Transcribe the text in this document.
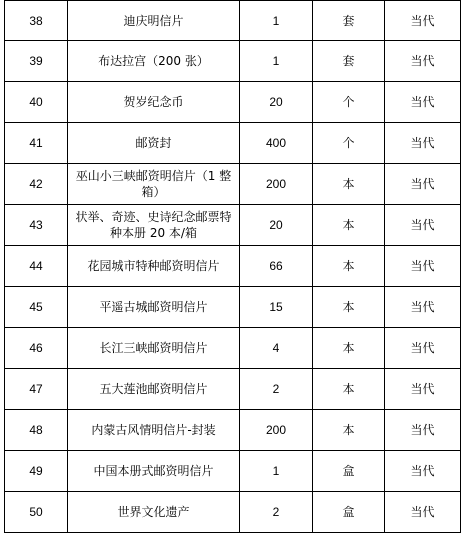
38	迪庆明信片	1	套	当代
39	布达拉宫（200 张）	1	套	当代
40	贺岁纪念币	20	个	当代
41	邮资封	400	个	当代
42	巫山小三峡邮资明信片（1 整箱）	200	本	当代
43	状举、奇迹、史诗纪念邮票特种本册 20 本/箱	20	本	当代
44	花园城市特种邮资明信片	66	本	当代
45	平遥古城邮资明信片	15	本	当代
46	长江三峡邮资明信片	4	本	当代
47	五大莲池邮资明信片	2	本	当代
48	内蒙古风情明信片-封装	200	本	当代
49	中国本册式邮资明信片	1	盒	当代
50	世界文化遗产	2	盒	当代
